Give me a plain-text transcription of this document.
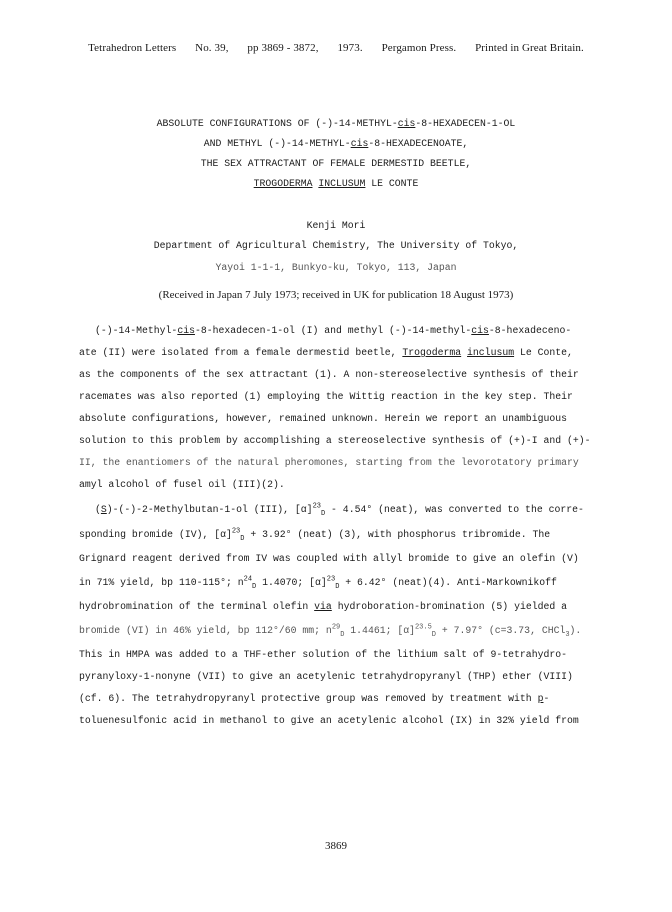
Tetrahedron Letters No. 39, pp 3869 - 3872, 1973. Pergamon Press. Printed in Great Britain.
ABSOLUTE CONFIGURATIONS OF (-)-14-METHYL-cis-8-HEXADECEN-1-OL
AND METHYL (-)-14-METHYL-cis-8-HEXADECENOATE,
THE SEX ATTRACTANT OF FEMALE DERMESTID BEETLE,
TROGODERMA INCLUSUM LE CONTE
Kenji Mori
Department of Agricultural Chemistry, The University of Tokyo,
Yayoi 1-1-1, Bunkyo-ku, Tokyo, 113, Japan
(Received in Japan 7 July 1973; received in UK for publication 18 August 1973)
(-)-14-Methyl-cis-8-hexadecen-1-ol (I) and methyl (-)-14-methyl-cis-8-hexadeceno-
ate (II) were isolated from a female dermestid beetle, Trogoderma inclusum Le Conte,
as the components of the sex attractant (1). A non-stereoselective synthesis of their
racemates was also reported (1) employing the Wittig reaction in the key step. Their
absolute configurations, however, remained unknown. Herein we report an unambiguous
solution to this problem by accomplishing a stereoselective synthesis of (+)-I and (+)-
II, the enantiomers of the natural pheromones, starting from the levorotatory primary
amyl alcohol of fusel oil (III)(2).
(S)-(-)-2-Methylbutan-1-ol (III), $[\alpha]^{23}_D - 4.54^\circ$ (neat), was converted to the corre-
sponding bromide (IV), $[\alpha]^{23}_D + 3.92^\circ$ (neat) (3), with phosphorus tribromide. The
Grignard reagent derived from IV was coupled with allyl bromide to give an olefin (V)
in 71% yield, bp 110-115°; $n^{24}_D$ 1.4070; $[\alpha]^{23}_D + 6.42^\circ$ (neat)(4). Anti-Markownikoff
hydrobromination of the terminal olefin via hydroboration-bromination (5) yielded a
bromide (VI) in 46% yield, bp 112°/60 mm; $n^{29}_D$ 1.4461; $[\alpha]^{23.5}_D + 7.97^\circ$ (c=3.73, CHCl$_3$).
This in HMPA was added to a THF-ether solution of the lithium salt of 9-tetrahydro-
pyranyloxy-1-nonyne (VII) to give an acetylenic tetrahydropyranyl (THP) ether (VIII)
(cf. 6). The tetrahydropyranyl protective group was removed by treatment with p-
toluenesulfonic acid in methanol to give an acetylenic alcohol (IX) in 32% yield from
3869
